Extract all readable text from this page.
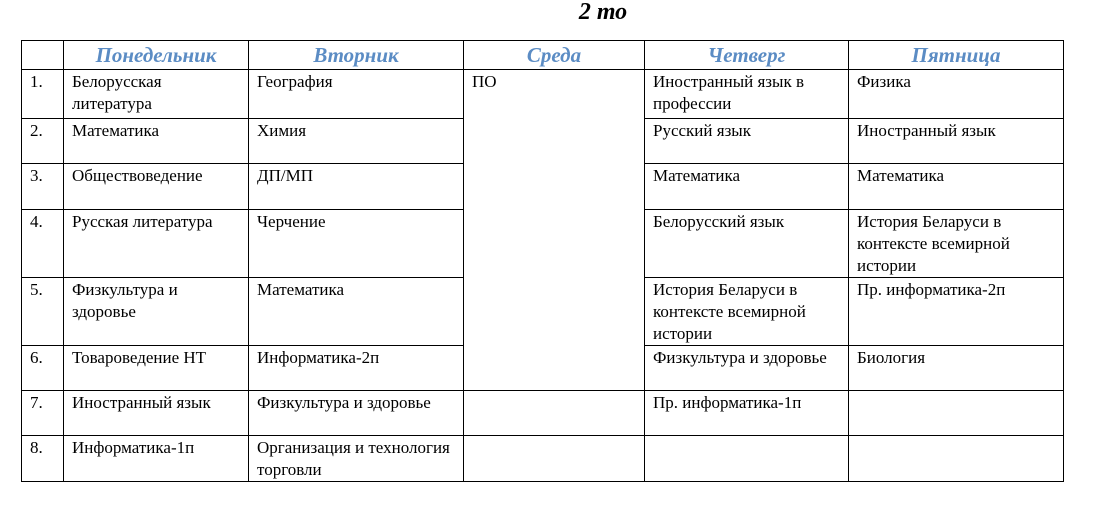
2 то
	Понедельник	Вторник	Среда	Четверг	Пятница
1.	Белорусская литература	География	ПО	Иностранный язык в профессии	Физика
2.	Математика	Химия		Русский язык	Иностранный язык
3.	Обществоведение	ДП/МП		Математика	Математика
4.	Русская литература	Черчение		Белорусский язык	История Беларуси в контексте всемирной истории
5.	Физкультура и здоровье	Математика		История Беларуси в контексте всемирной истории	Пр. информатика-2п
6.	Товароведение НТ	Информатика-2п		Физкультура и здоровье	Биология
7.	Иностранный язык	Физкультура и здоровье		Пр. информатика-1п	
8.	Информатика-1п	Организация и технология торговли			
